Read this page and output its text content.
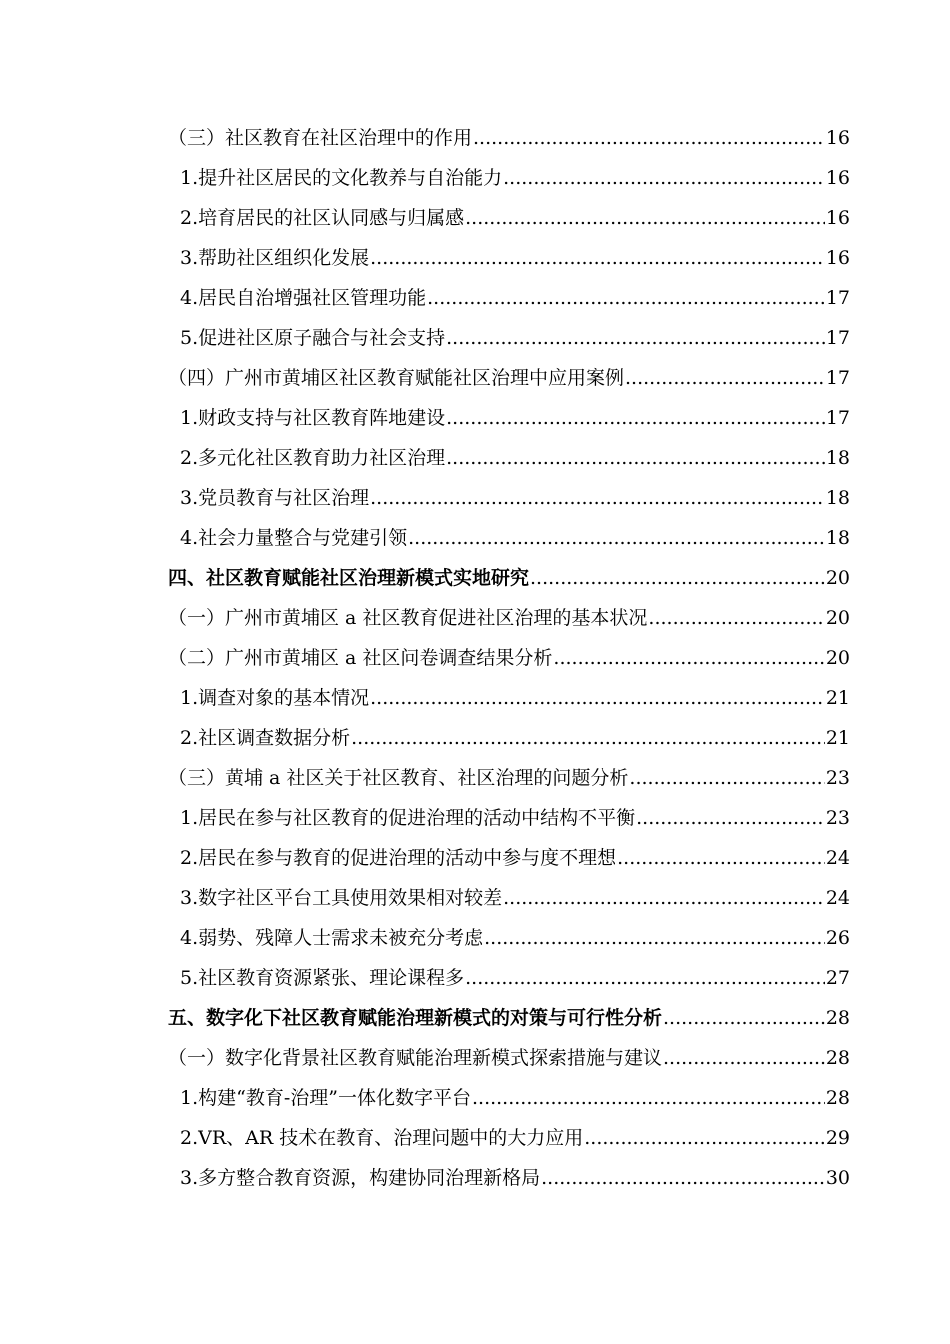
（三）社区教育在社区治理中的作用 .....	16
1.提升社区居民的文化教养与自治能力 .....	16
2.培育居民的社区认同感与归属感 .....	16
3.帮助社区组织化发展 .....	16
4.居民自治增强社区管理功能 .....	17
5.促进社区原子融合与社会支持 .....	17
（四）广州市黄埔区社区教育赋能社区治理中应用案例 .....	17
1.财政支持与社区教育阵地建设 .....	17
2.多元化社区教育助力社区治理 .....	18
3.党员教育与社区治理 .....	18
4.社会力量整合与党建引领 .....	18
四、社区教育赋能社区治理新模式实地研究 .....	20
（一）广州市黄埔区 a 社区教育促进社区治理的基本状况 .....	20
（二）广州市黄埔区 a 社区问卷调查结果分析 .....	20
1.调查对象的基本情况 .....	21
2.社区调查数据分析 .....	21
（三）黄埔 a 社区关于社区教育、社区治理的问题分析 .....	23
1.居民在参与社区教育的促进治理的活动中结构不平衡 .....	23
2.居民在参与教育的促进治理的活动中参与度不理想 .....	24
3.数字社区平台工具使用效果相对较差 .....	24
4.弱势、残障人士需求未被充分考虑 .....	26
5.社区教育资源紧张、理论课程多 .....	27
五、数字化下社区教育赋能治理新模式的对策与可行性分析 .....	28
（一）数字化背景社区教育赋能治理新模式探索措施与建议 .....	28
1.构建“教育-治理”一体化数字平台 .....	28
2.VR、AR 技术在教育、治理问题中的大力应用 .....	29
3.多方整合教育资源，构建协同治理新格局 .....	30
